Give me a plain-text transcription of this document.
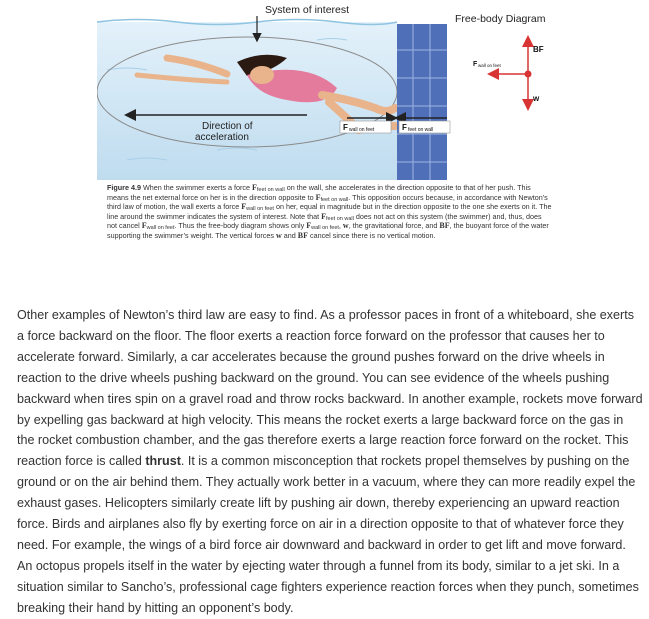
System of interest
Direction of
acceleration
F wall on feet	F feet on wall
Free-body Diagram
BF
w
F wall on feet
Figure 4.9 When the swimmer exerts a force $F_{feet on wall}$ on the wall, she accelerates in the direction opposite to that of her push. This means the net external force on her is in the direction opposite to $F_{feet on wall}$. This opposition occurs because, in accordance with Newton’s third law of motion, the wall exerts a force $F_{wall on feet}$ on her, equal in magnitude but in the direction opposite to the one she exerts on it. The line around the swimmer indicates the system of interest. Note that $F_{feet on wall}$ does not act on this system (the swimmer) and, thus, does not cancel $F_{wall on feet}$. Thus the free-body diagram shows only $F_{wall on feet}$, w, the gravitational force, and BF, the buoyant force of the water supporting the swimmer’s weight. The vertical forces w and BF cancel since there is no vertical motion.

Other examples of Newton’s third law are easy to find. As a professor paces in front of a whiteboard, she exerts a force backward on the floor. The floor exerts a reaction force forward on the professor that causes her to accelerate forward. Similarly, a car accelerates because the ground pushes forward on the drive wheels in reaction to the drive wheels pushing backward on the ground. You can see evidence of the wheels pushing backward when tires spin on a gravel road and throw rocks backward. In another example, rockets move forward by expelling gas backward at high velocity. This means the rocket exerts a large backward force on the gas in the rocket combustion chamber, and the gas therefore exerts a large reaction force forward on the rocket. This reaction force is called thrust. It is a common misconception that rockets propel themselves by pushing on the ground or on the air behind them. They actually work better in a vacuum, where they can more readily expel the exhaust gases. Helicopters similarly create lift by pushing air down, thereby experiencing an upward reaction force. Birds and airplanes also fly by exerting force on air in a direction opposite to that of whatever force they need. For example, the wings of a bird force air downward and backward in order to get lift and move forward. An octopus propels itself in the water by ejecting water through a funnel from its body, similar to a jet ski. In a situation similar to Sancho’s, professional cage fighters experience reaction forces when they punch, sometimes breaking their hand by hitting an opponent’s body.
